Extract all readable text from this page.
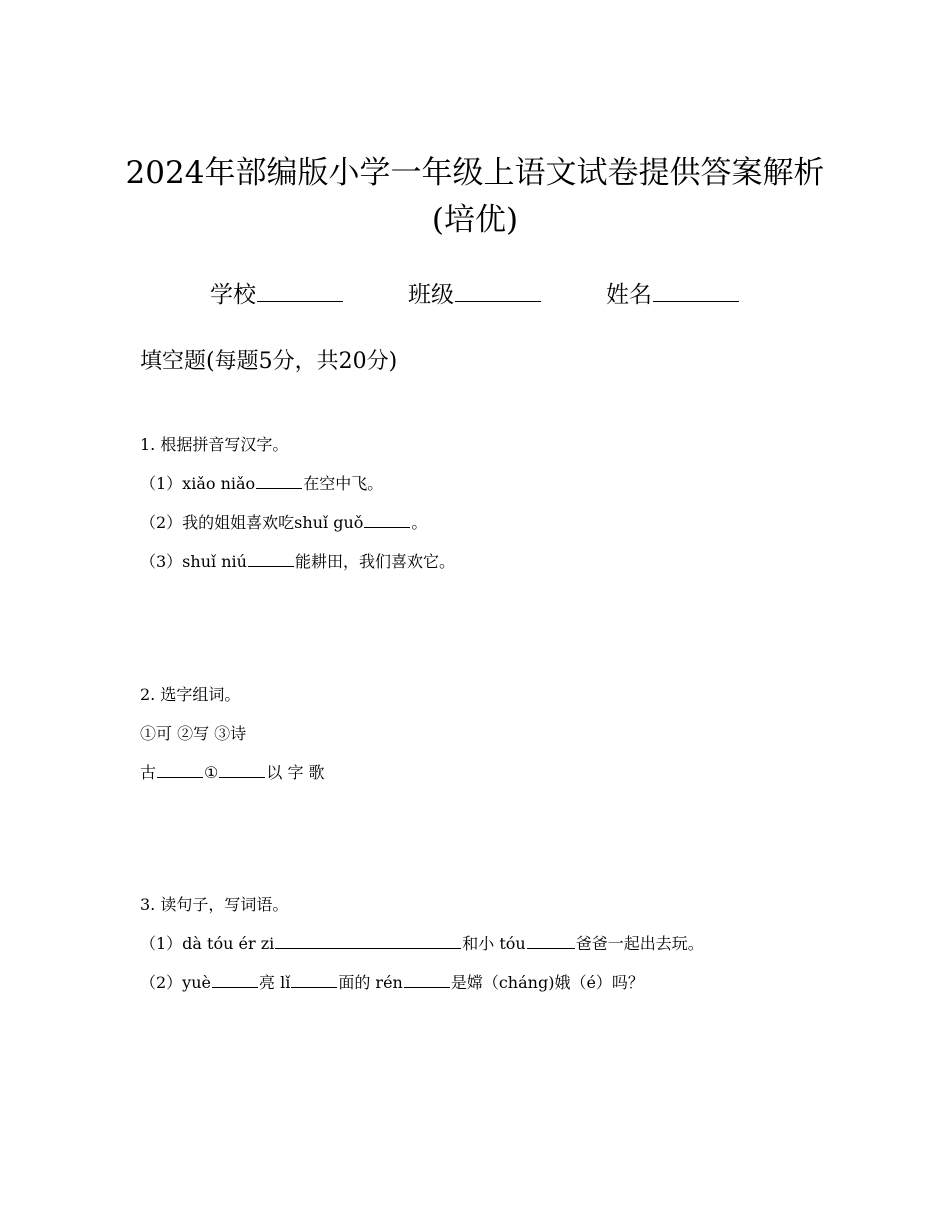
2024年部编版小学一年级上语文试卷提供答案解析(培优)
学校	班级	姓名
填空题(每题5分，共20分)
1. 根据拼音写汉字。
（1）xiǎo niǎo	在空中飞。
（2）我的姐姐喜欢吃shuǐ guǒ	。
（3）shuǐ niú	能耕田，我们喜欢它。
2. 选字组词。
①可 ②写 ③诗
古	①	以 字 歌
3. 读句子，写词语。
（1）dà tóu ér zi	和小 tóu	爸爸一起出去玩。
（2）yuè	亮 lǐ	面的 rén	是嫦（cháng)娥（é）吗？
